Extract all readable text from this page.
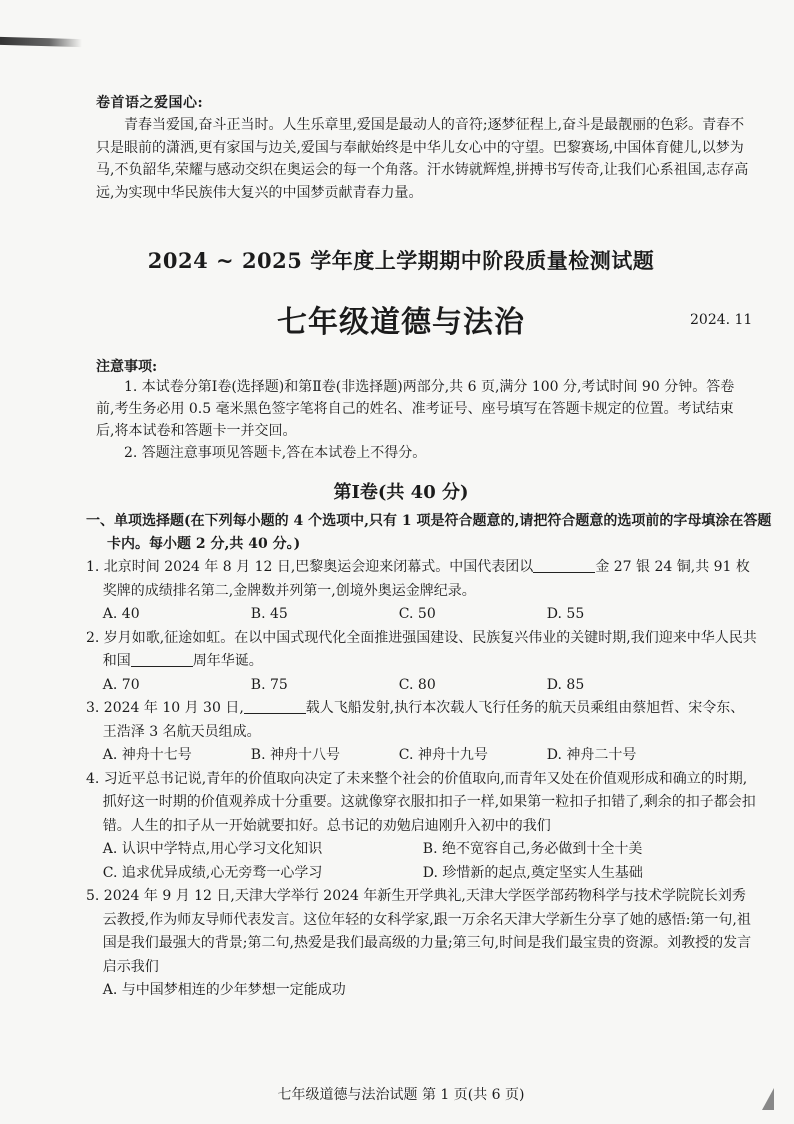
卷首语之爱国心:
青春当爱国,奋斗正当时。人生乐章里,爱国是最动人的音符;逐梦征程上,奋斗是最靓丽的色彩。青春不只是眼前的潇洒,更有家国与边关,爱国与奉献始终是中华儿女心中的守望。巴黎赛场,中国体育健儿,以梦为马,不负韶华,荣耀与感动交织在奥运会的每一个角落。汗水铸就辉煌,拼搏书写传奇,让我们心系祖国,志存高远,为实现中华民族伟大复兴的中国梦贡献青春力量。
2024 ~ 2025 学年度上学期期中阶段质量检测试题
七年级道德与法治	2024. 11
注意事项:

1. 本试卷分第Ⅰ卷(选择题)和第Ⅱ卷(非选择题)两部分,共 6 页,满分 100 分,考试时间 90 分钟。答卷前,考生务必用 0.5 毫米黑色签字笔将自己的姓名、准考证号、座号填写在答题卡规定的位置。考试结束后,将本试卷和答题卡一并交回。

2. 答题注意事项见答题卡,答在本试卷上不得分。

第Ⅰ卷(共 40 分)
一、单项选择题(在下列每小题的 4 个选项中,只有 1 项是符合题意的,请把符合题意的选项前的字母填涂在答题卡内。每小题 2 分,共 40 分。)
1. 北京时间 2024 年 8 月 12 日,巴黎奥运会迎来闭幕式。中国代表团以	金 27 银 24 铜,共 91 枚奖牌的成绩排名第二,金牌数并列第一,创境外奥运金牌纪录。
A. 40	B. 45	C. 50	D. 55
2. 岁月如歌,征途如虹。在以中国式现代化全面推进强国建设、民族复兴伟业的关键时期,我们迎来中华人民共和国	周年华诞。
A. 70	B. 75	C. 80	D. 85
3. 2024 年 10 月 30 日,	载人飞船发射,执行本次载人飞行任务的航天员乘组由蔡旭哲、宋令东、王浩泽 3 名航天员组成。
A. 神舟十七号	B. 神舟十八号	C. 神舟十九号	D. 神舟二十号
4. 习近平总书记说,青年的价值取向决定了未来整个社会的价值取向,而青年又处在价值观形成和确立的时期,抓好这一时期的价值观养成十分重要。这就像穿衣服扣扣子一样,如果第一粒扣子扣错了,剩余的扣子都会扣错。人生的扣子从一开始就要扣好。总书记的劝勉启迪刚升入初中的我们
A. 认识中学特点,用心学习文化知识	B. 绝不宽容自己,务必做到十全十美
C. 追求优异成绩,心无旁骛一心学习	D. 珍惜新的起点,奠定坚实人生基础
5. 2024 年 9 月 12 日,天津大学举行 2024 年新生开学典礼,天津大学医学部药物科学与技术学院院长刘秀云教授,作为师友导师代表发言。这位年轻的女科学家,跟一万余名天津大学新生分享了她的感悟:第一句,祖国是我们最强大的背景;第二句,热爱是我们最高级的力量;第三句,时间是我们最宝贵的资源。刘教授的发言启示我们
A. 与中国梦相连的少年梦想一定能成功
七年级道德与法治试题 第 1 页(共 6 页)
